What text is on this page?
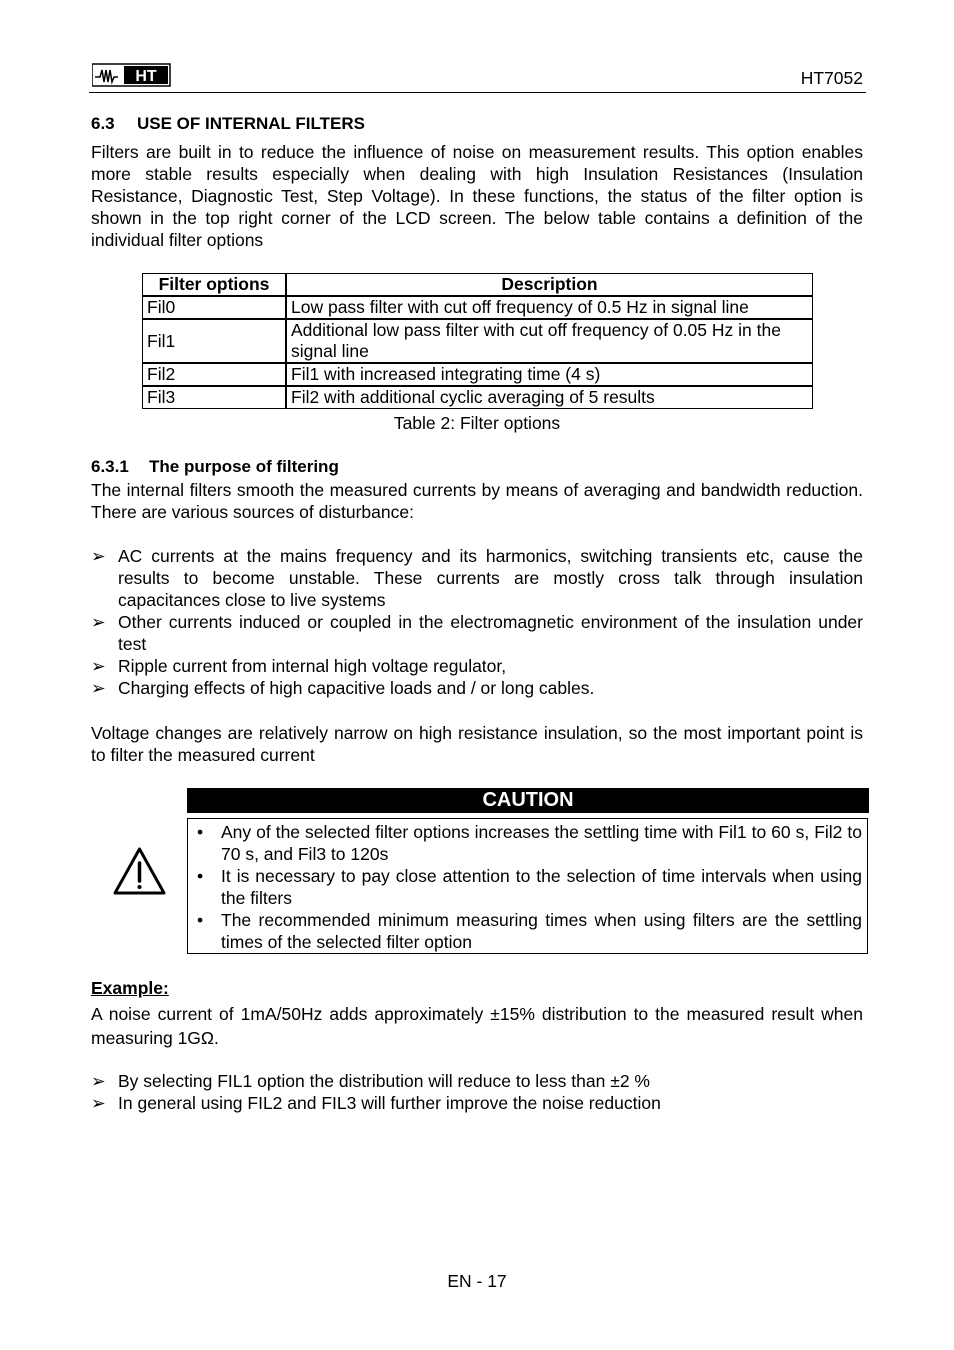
HT	HT7052
6.3 USE OF INTERNAL FILTERS
Filters are built in to reduce the influence of noise on measurement results. This option enables more stable results especially when dealing with high Insulation Resistances (Insulation Resistance, Diagnostic Test, Step Voltage). In these functions, the status of the filter option is shown in the top right corner of the LCD screen. The below table contains a definition of the individual filter options
Filter options	Description
Fil0	Low pass filter with cut off frequency of 0.5 Hz in signal line
Fil1	Additional low pass filter with cut off frequency of 0.05 Hz in the signal line
Fil2	Fil1 with increased integrating time (4 s)
Fil3	Fil2 with additional cyclic averaging of 5 results
Table 2: Filter options
6.3.1 The purpose of filtering
The internal filters smooth the measured currents by means of averaging and bandwidth reduction. There are various sources of disturbance:
➢ AC currents at the mains frequency and its harmonics, switching transients etc, cause the results to become unstable. These currents are mostly cross talk through insulation capacitances close to live systems
➢ Other currents induced or coupled in the electromagnetic environment of the insulation under test
➢ Ripple current from internal high voltage regulator,
➢ Charging effects of high capacitive loads and / or long cables.
Voltage changes are relatively narrow on high resistance insulation, so the most important point is to filter the measured current
CAUTION
• Any of the selected filter options increases the settling time with Fil1 to 60 s, Fil2 to 70 s, and Fil3 to 120s
• It is necessary to pay close attention to the selection of time intervals when using the filters
• The recommended minimum measuring times when using filters are the settling times of the selected filter option
Example:
A noise current of 1mA/50Hz adds approximately ±15% distribution to the measured result when measuring 1GΩ.
➢ By selecting FIL1 option the distribution will reduce to less than ±2 %
➢ In general using FIL2 and FIL3 will further improve the noise reduction
EN - 17
